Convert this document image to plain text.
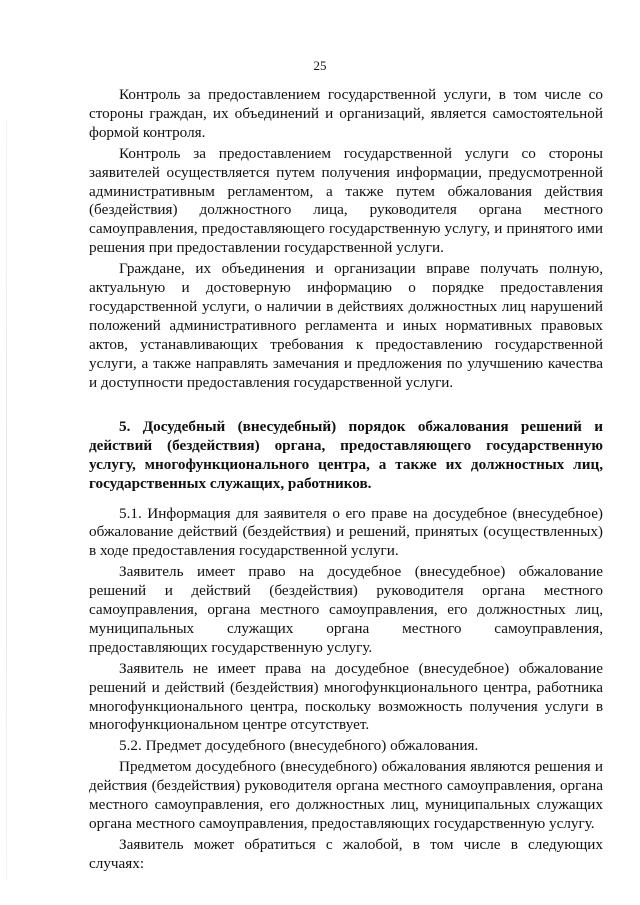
25

Контроль за предоставлением государственной услуги, в том числе со стороны граждан, их объединений и организаций, является самостоятельной формой контроля.

Контроль за предоставлением государственной услуги со стороны заявителей осуществляется путем получения информации, предусмотренной административным регламентом, а также путем обжалования действия (бездействия) должностного лица, руководителя органа местного самоуправления, предоставляющего государственную услугу, и принятого ими решения при предоставлении государственной услуги.

Граждане, их объединения и организации вправе получать полную, актуальную и достоверную информацию о порядке предоставления государственной услуги, о наличии в действиях должностных лиц нарушений положений административного регламента и иных нормативных правовых актов, устанавливающих требования к предоставлению государственной услуги, а также направлять замечания и предложения по улучшению качества и доступности предоставления государственной услуги.

5. Досудебный (внесудебный) порядок обжалования решений и действий (бездействия) органа, предоставляющего государственную услугу, многофункционального центра, а также их должностных лиц, государственных служащих, работников.

5.1. Информация для заявителя о его праве на досудебное (внесудебное) обжалование действий (бездействия) и решений, принятых (осуществленных) в ходе предоставления государственной услуги.

Заявитель имеет право на досудебное (внесудебное) обжалование решений и действий (бездействия) руководителя органа местного самоуправления, органа местного самоуправления, его должностных лиц, муниципальных служащих органа местного самоуправления, предоставляющих государственную услугу.

Заявитель не имеет права на досудебное (внесудебное) обжалование решений и действий (бездействия) многофункционального центра, работника многофункционального центра, поскольку возможность получения услуги в многофункциональном центре отсутствует.

5.2. Предмет досудебного (внесудебного) обжалования.

Предметом досудебного (внесудебного) обжалования являются решения и действия (бездействия) руководителя органа местного самоуправления, органа местного самоуправления, его должностных лиц, муниципальных служащих органа местного самоуправления, предоставляющих государственную услугу.

Заявитель может обратиться с жалобой, в том числе в следующих случаях:
